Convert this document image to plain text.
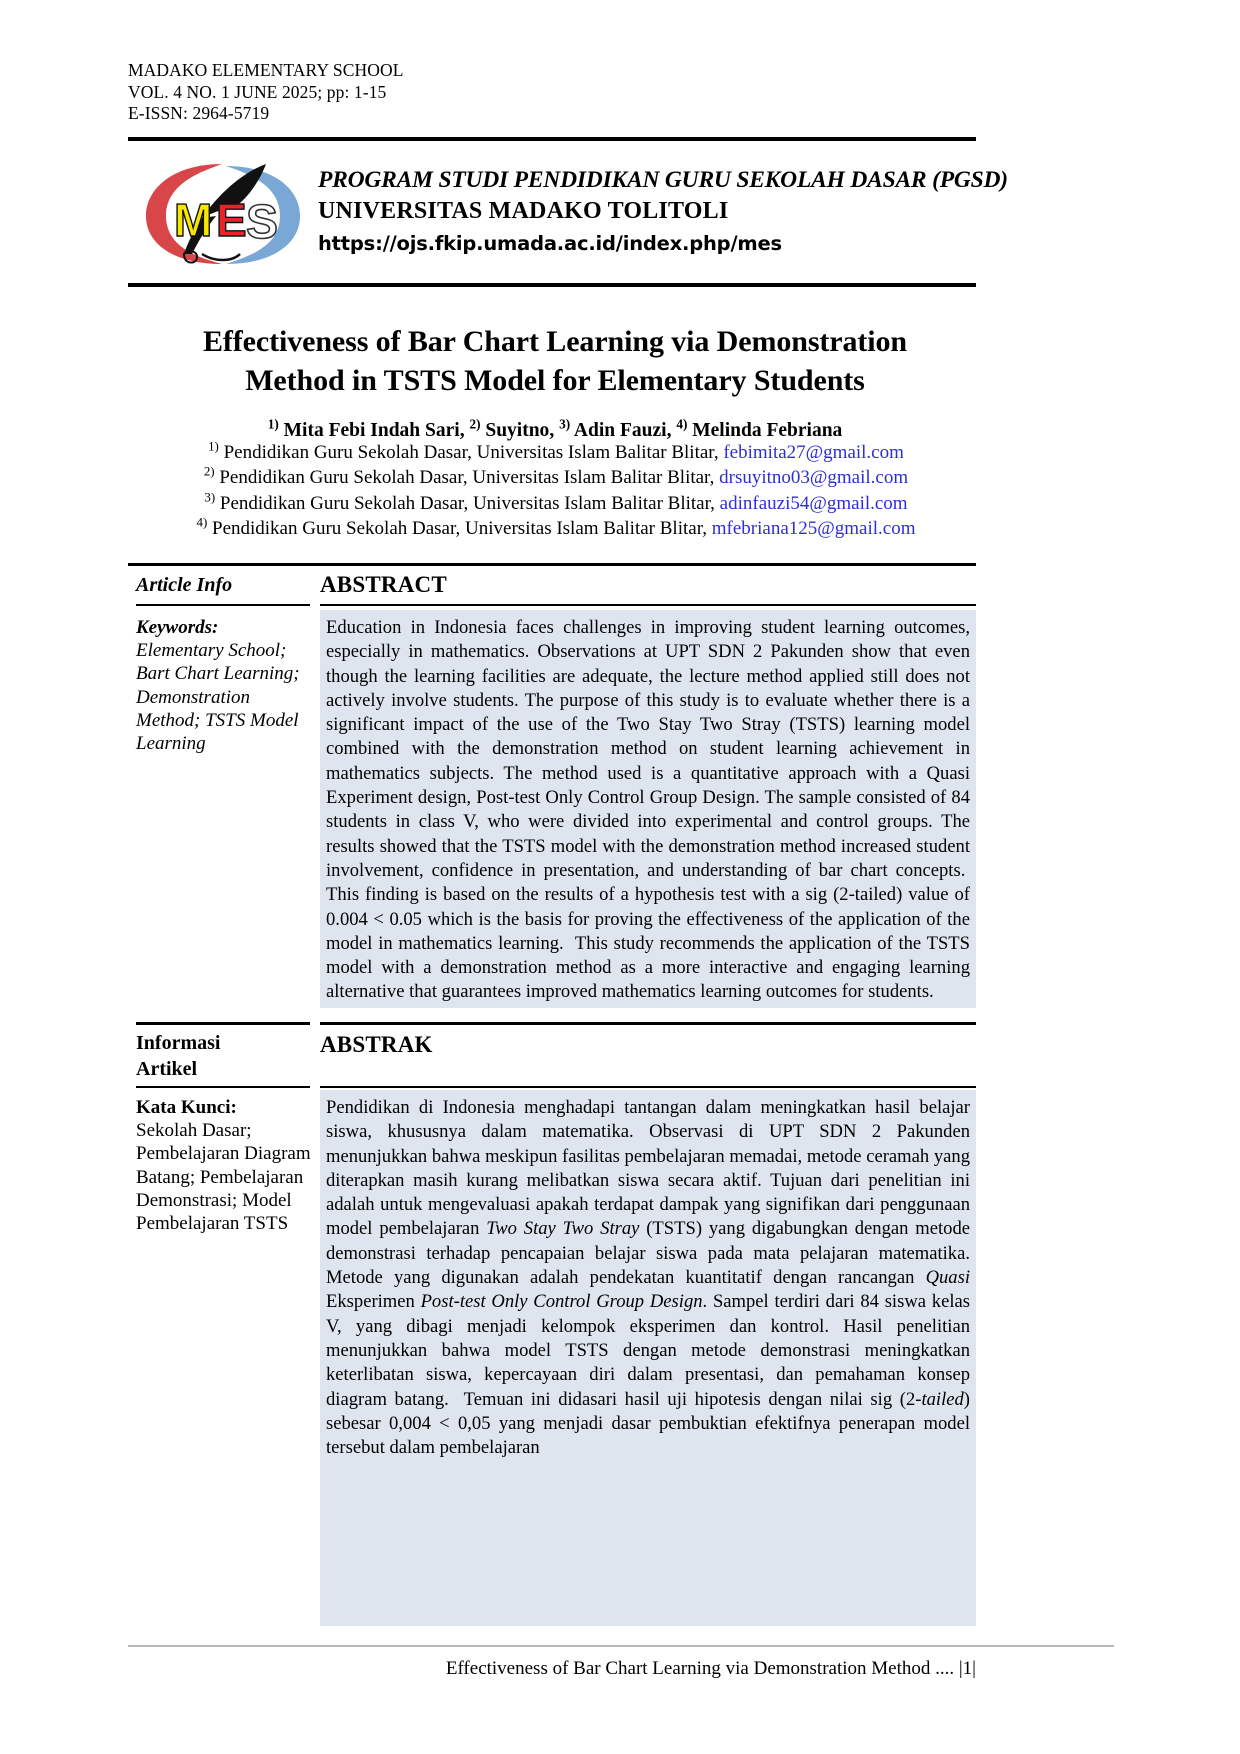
MADAKO ELEMENTARY SCHOOL
VOL. 4 NO. 1 JUNE 2025; pp: 1-15
E-ISSN: 2964-5719
M E S
PROGRAM STUDI PENDIDIKAN GURU SEKOLAH DASAR (PGSD)
UNIVERSITAS MADAKO TOLITOLI
https://ojs.fkip.umada.ac.id/index.php/mes
Effectiveness of Bar Chart Learning via Demonstration
Method in TSTS Model for Elementary Students
$^{1)}$ Mita Febi Indah Sari, $^{2)}$ Suyitno, $^{3)}$ Adin Fauzi, $^{4)}$ Melinda Febriana
$^{1)}$ Pendidikan Guru Sekolah Dasar, Universitas Islam Balitar Blitar, febimita27@gmail.com
$^{2)}$ Pendidikan Guru Sekolah Dasar, Universitas Islam Balitar Blitar, drsuyitno03@gmail.com
$^{3)}$ Pendidikan Guru Sekolah Dasar, Universitas Islam Balitar Blitar, adinfauzi54@gmail.com
$^{4)}$ Pendidikan Guru Sekolah Dasar, Universitas Islam Balitar Blitar, mfebriana125@gmail.com
Article Info	ABSTRACT
Keywords:
Elementary School; Bart Chart Learning; Demonstration Method; TSTS Model Learning
Education in Indonesia faces challenges in improving student learning outcomes, especially in mathematics. Observations at UPT SDN 2 Pakunden show that even though the learning facilities are adequate, the lecture method applied still does not actively involve students. The purpose of this study is to evaluate whether there is a significant impact of the use of the Two Stay Two Stray (TSTS) learning model combined with the demonstration method on student learning achievement in mathematics subjects. The method used is a quantitative approach with a Quasi Experiment design, Post-test Only Control Group Design. The sample consisted of 84 students in class V, who were divided into experimental and control groups. The results showed that the TSTS model with the demonstration method increased student involvement, confidence in presentation, and understanding of bar chart concepts.  This finding is based on the results of a hypothesis test with a sig (2-tailed) value of 0.004 < 0.05 which is the basis for proving the effectiveness of the application of the model in mathematics learning.  This study recommends the application of the TSTS model with a demonstration method as a more interactive and engaging learning alternative that guarantees improved mathematics learning outcomes for students.
Informasi
Artikel
ABSTRAK
Kata Kunci:
Sekolah Dasar; Pembelajaran Diagram Batang; Pembelajaran Demonstrasi; Model Pembelajaran TSTS
Pendidikan di Indonesia menghadapi tantangan dalam meningkatkan hasil belajar siswa, khususnya dalam matematika. Observasi di UPT SDN 2 Pakunden menunjukkan bahwa meskipun fasilitas pembelajaran memadai, metode ceramah yang diterapkan masih kurang melibatkan siswa secara aktif. Tujuan dari penelitian ini adalah untuk mengevaluasi apakah terdapat dampak yang signifikan dari penggunaan model pembelajaran Two Stay Two Stray (TSTS) yang digabungkan dengan metode demonstrasi terhadap pencapaian belajar siswa pada mata pelajaran matematika. Metode yang digunakan adalah pendekatan kuantitatif dengan rancangan Quasi Eksperimen Post-test Only Control Group Design. Sampel terdiri dari 84 siswa kelas V, yang dibagi menjadi kelompok eksperimen dan kontrol. Hasil penelitian menunjukkan bahwa model TSTS dengan metode demonstrasi meningkatkan keterlibatan siswa, kepercayaan diri dalam presentasi, dan pemahaman konsep diagram batang.  Temuan ini didasari hasil uji hipotesis dengan nilai sig (2-tailed) sebesar 0,004 < 0,05 yang menjadi dasar pembuktian efektifnya penerapan model tersebut dalam pembelajaran
Effectiveness of Bar Chart Learning via Demonstration Method .... |1|
